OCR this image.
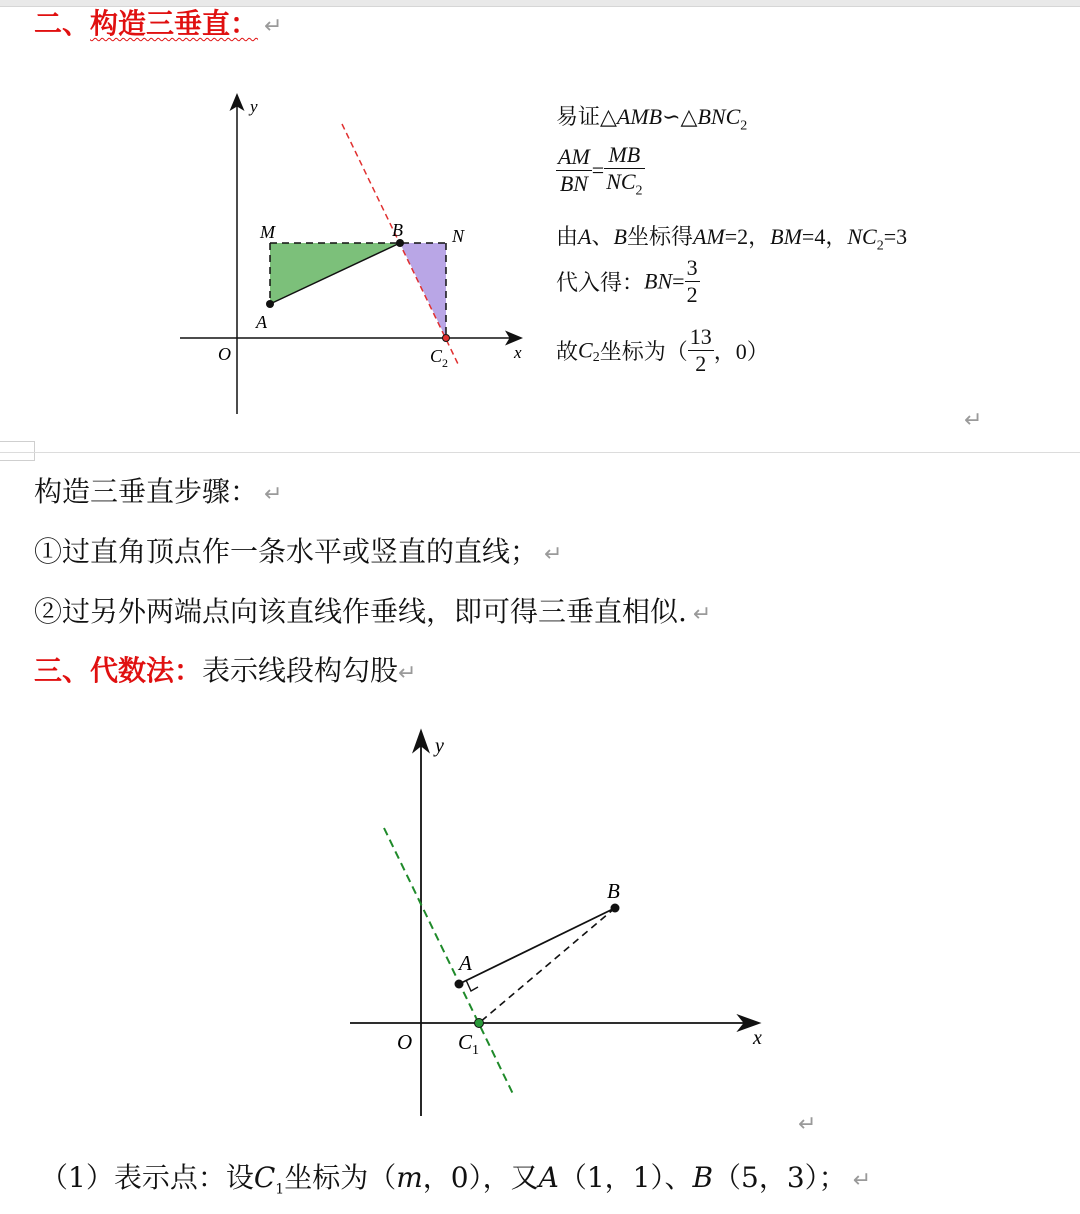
二、构造三垂直： ↵
y
x
O
M	B	N
A
$C_2$
易证$\triangle AMB∽\triangle BNC_2$
$\frac{AM}{BN} = \frac{MB}{NC_2}$
由A、B坐标得AM=2，BM=4，$NC_2=3$
代入得：$BN= \frac{3}{2}$
故$C_2$坐标为（ $\frac{13}{2}$ ，0）
↵
构造三垂直步骤： ↵
①过直角顶点作一条水平或竖直的直线； ↵
②过另外两端点向该直线作垂线，即可得三垂直相似. ↵
三、代数法：表示线段构勾股↵
y
x
O
A
B
$C_1$
↵
（1）表示点：设$C_1$坐标为（m，0），又A（1，1）、B（5，3）； ↵
